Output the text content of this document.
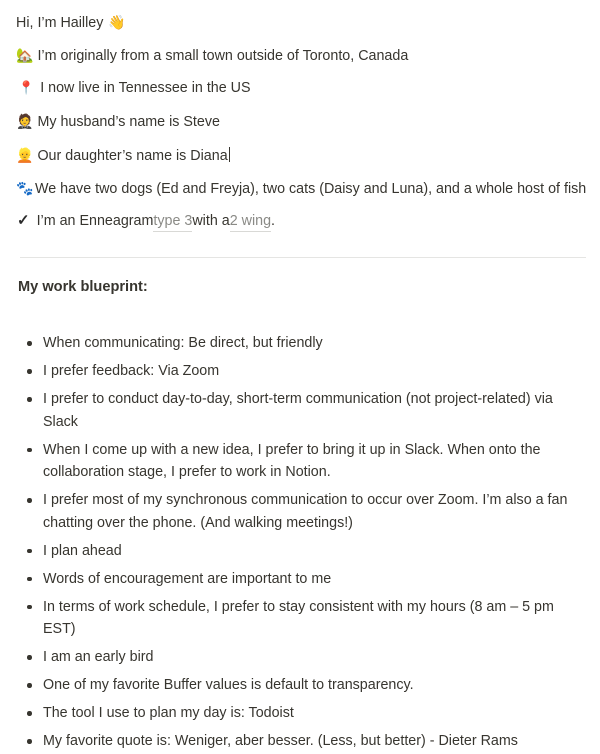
Hi, I’m Hailley 👋
🏡 I’m originally from a small town outside of Toronto, Canada
📍 I now live in Tennessee in the US
🤵 My husband’s name is Steve
👱 Our daughter’s name is Diana
🐾 We have two dogs (Ed and Freyja), two cats (Daisy and Luna), and a whole host of fish
✓ I’m an Enneagram type 3 with a 2 wing .
My work blueprint:
When communicating: Be direct, but friendly
I prefer feedback: Via Zoom
I prefer to conduct day-to-day, short-term communication (not project-related) via Slack
When I come up with a new idea, I prefer to bring it up in Slack. When onto the collaboration stage, I prefer to work in Notion.
I prefer most of my synchronous communication to occur over Zoom. I’m also a fan chatting over the phone. (And walking meetings!)
I plan ahead
Words of encouragement are important to me
In terms of work schedule, I prefer to stay consistent with my hours (8 am – 5 pm EST)
I am an early bird
One of my favorite Buffer values is default to transparency.
The tool I use to plan my day is: Todoist
My favorite quote is: Weniger, aber besser. (Less, but better) - Dieter Rams
